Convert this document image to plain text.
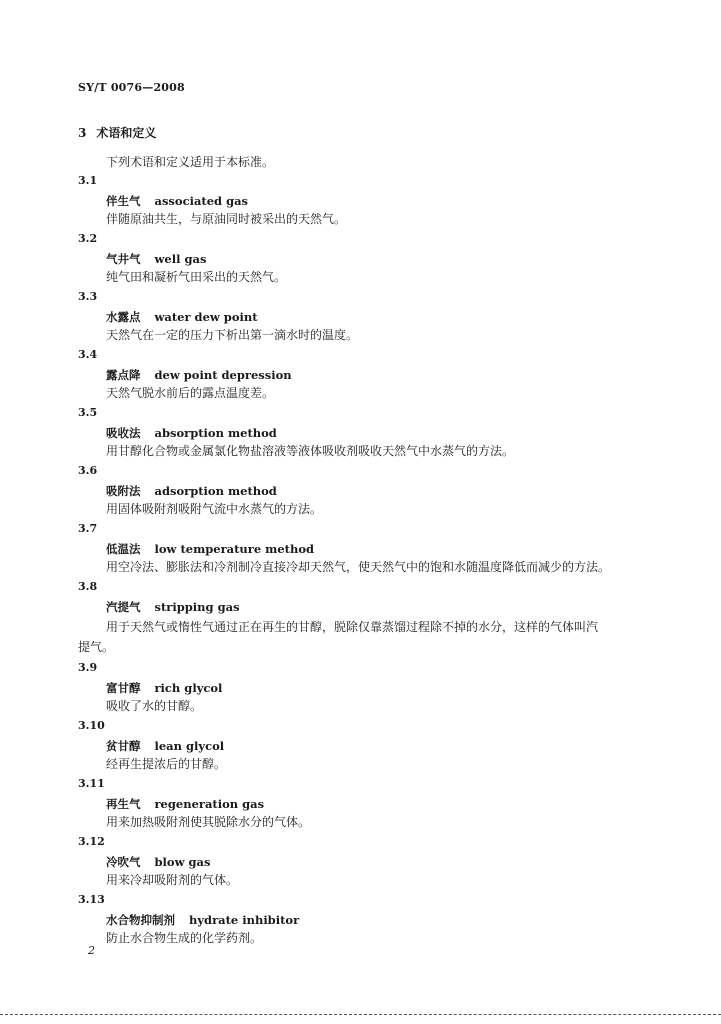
SY/T 0076—2008
3 术语和定义
下列术语和定义适用于本标准。
3.1
伴生气 associated gas
伴随原油共生，与原油同时被采出的天然气。
3.2
气井气 well gas
纯气田和凝析气田采出的天然气。
3.3
水露点 water dew point
天然气在一定的压力下析出第一滴水时的温度。
3.4
露点降 dew point depression
天然气脱水前后的露点温度差。
3.5
吸收法 absorption method
用甘醇化合物或金属氯化物盐溶液等液体吸收剂吸收天然气中水蒸气的方法。
3.6
吸附法 adsorption method
用固体吸附剂吸附气流中水蒸气的方法。
3.7
低温法 low temperature method
用空冷法、膨胀法和冷剂制冷直接冷却天然气，使天然气中的饱和水随温度降低而减少的方法。
3.8
汽提气 stripping gas
用于天然气或惰性气通过正在再生的甘醇，脱除仅靠蒸馏过程除不掉的水分，这样的气体叫汽
提气。
3.9
富甘醇 rich glycol
吸收了水的甘醇。
3.10
贫甘醇 lean glycol
经再生提浓后的甘醇。
3.11
再生气 regeneration gas
用来加热吸附剂使其脱除水分的气体。
3.12
冷吹气 blow gas
用来冷却吸附剂的气体。
3.13
水合物抑制剂 hydrate inhibitor
防止水合物生成的化学药剂。
2
